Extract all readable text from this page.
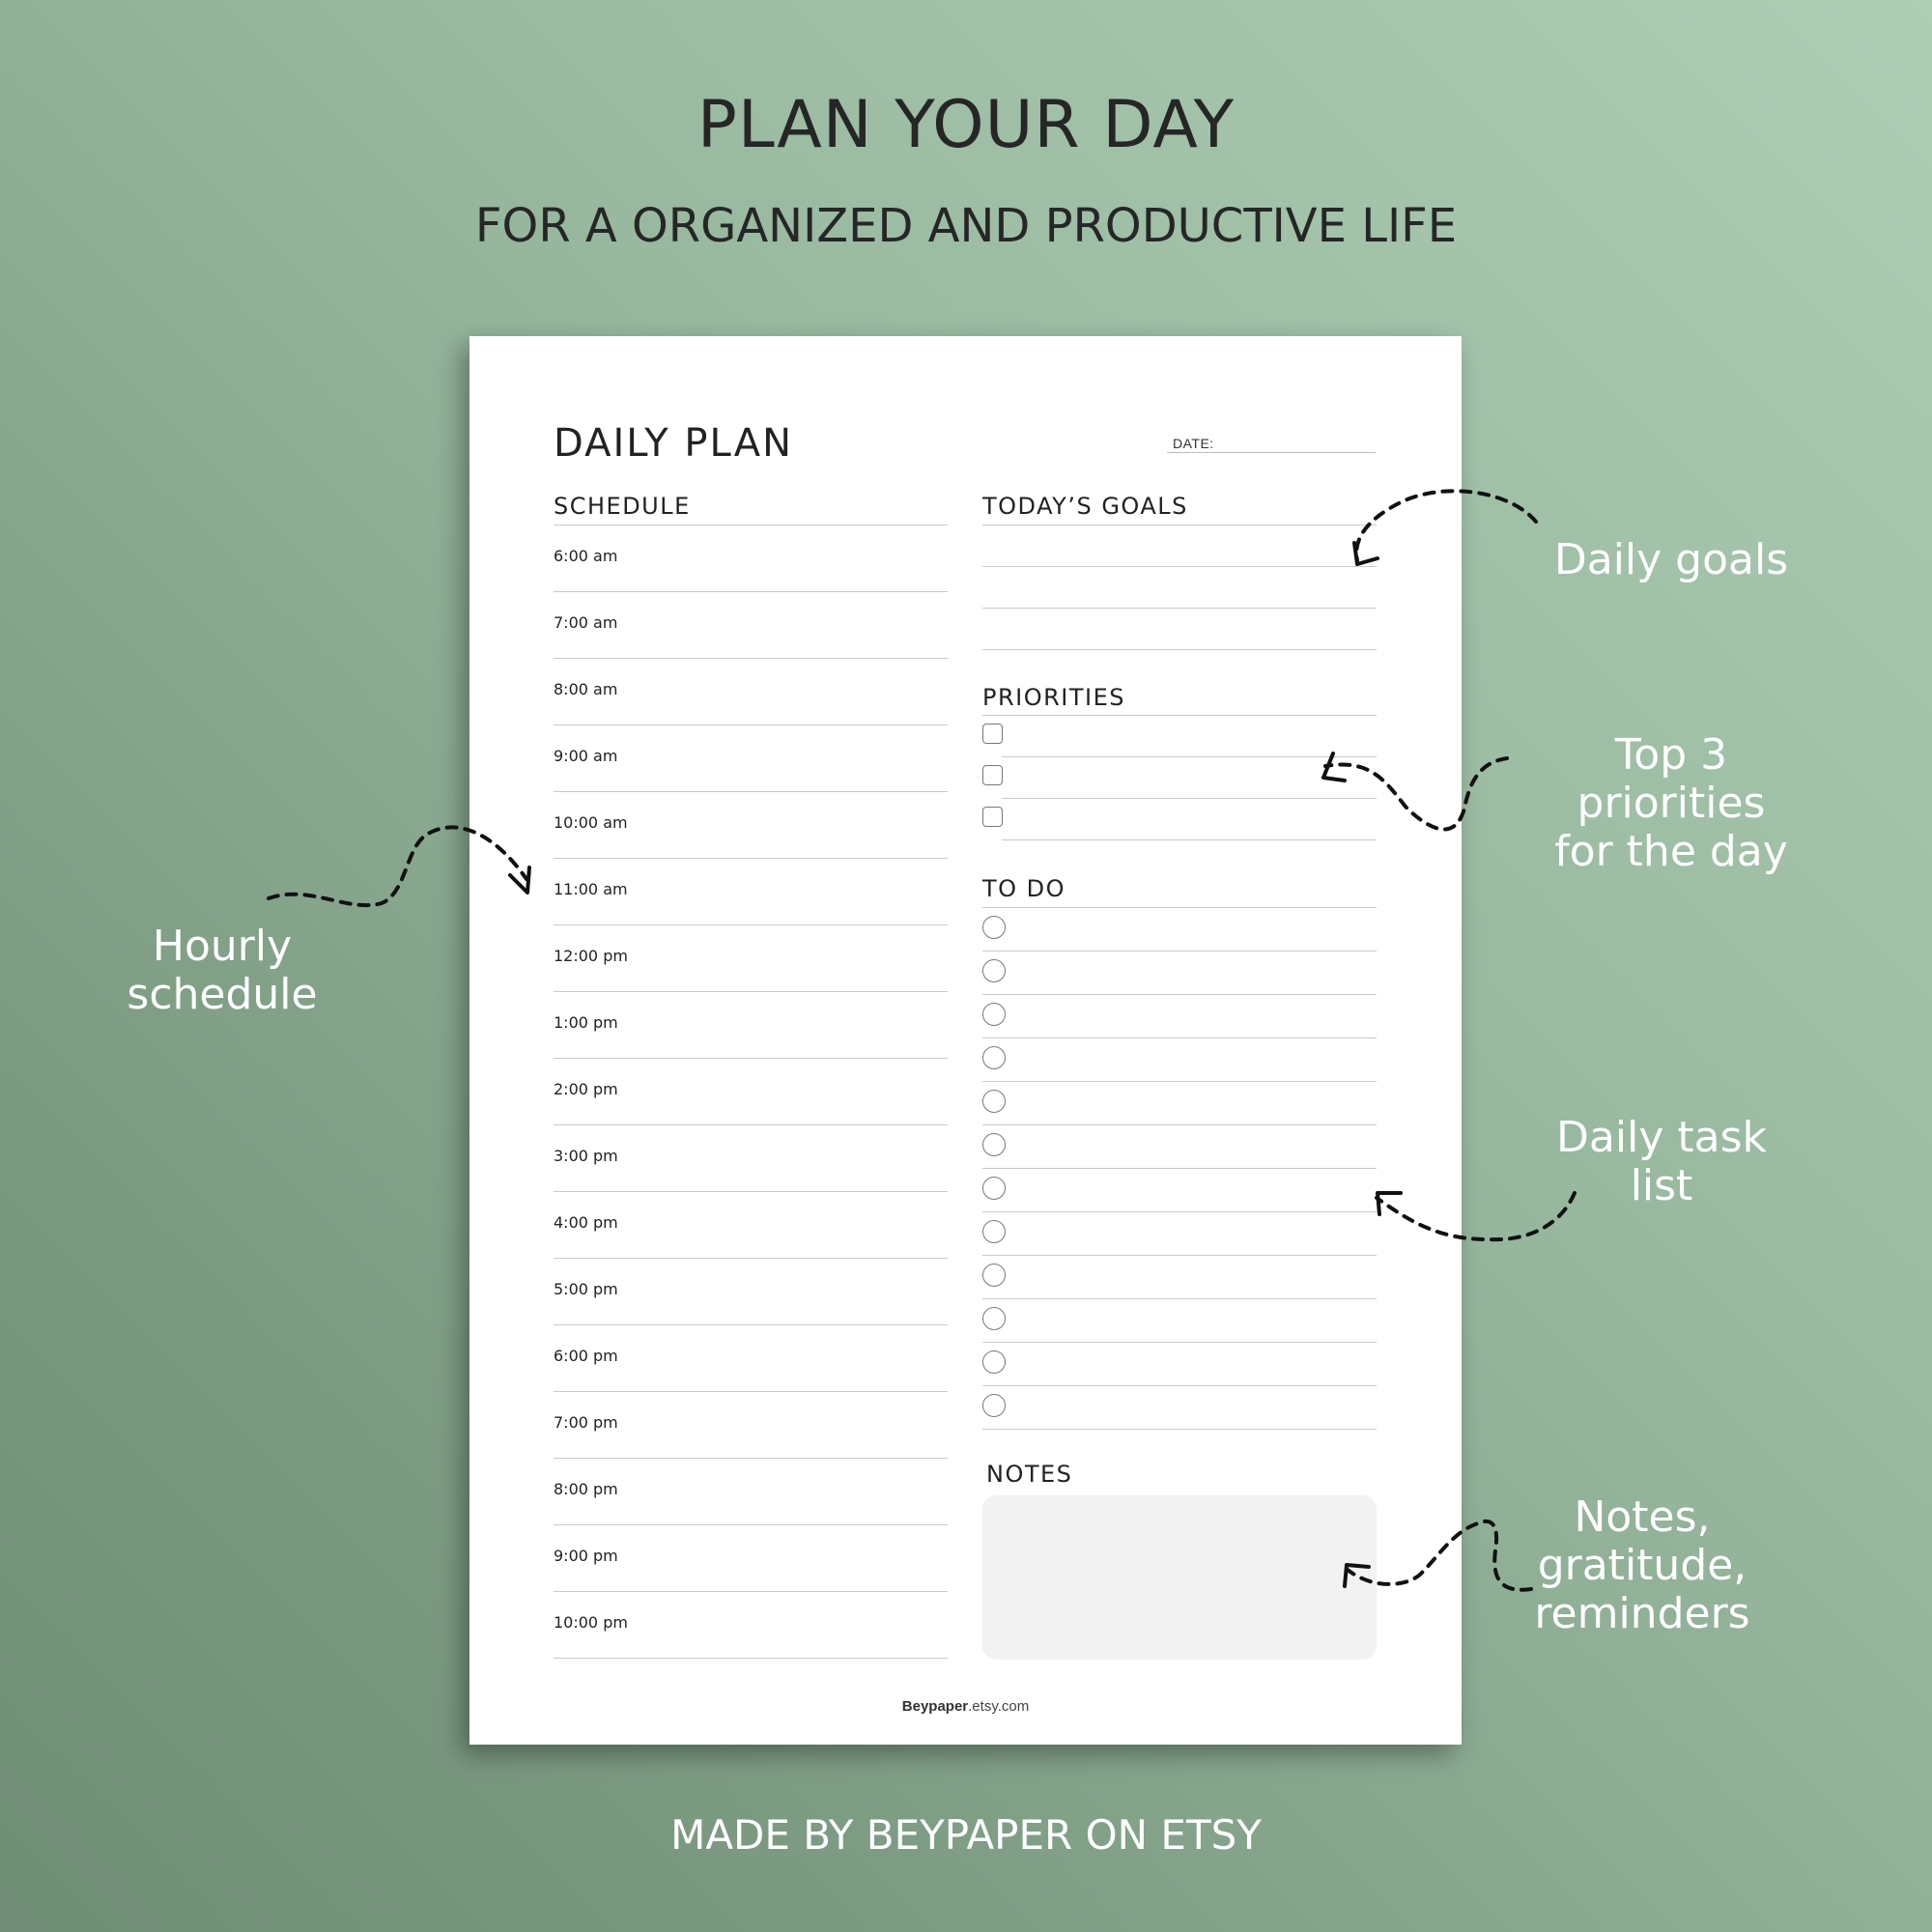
PLAN YOUR DAY
FOR A ORGANIZED AND PRODUCTIVE LIFE
DAILY PLAN	DATE:
SCHEDULE
6:00 am
7:00 am
8:00 am
9:00 am
10:00 am
11:00 am
12:00 pm
1:00 pm
2:00 pm
3:00 pm
4:00 pm
5:00 pm
6:00 pm
7:00 pm
8:00 pm
9:00 pm
10:00 pm
TODAY’S GOALS
PRIORITIES
TO DO
NOTES
Beypaper.etsy.com
Daily goals
Top 3 priorities
for the day
Hourly
schedule
Daily task
list
Notes,
gratitude,
reminders
MADE BY BEYPAPER ON ETSY
